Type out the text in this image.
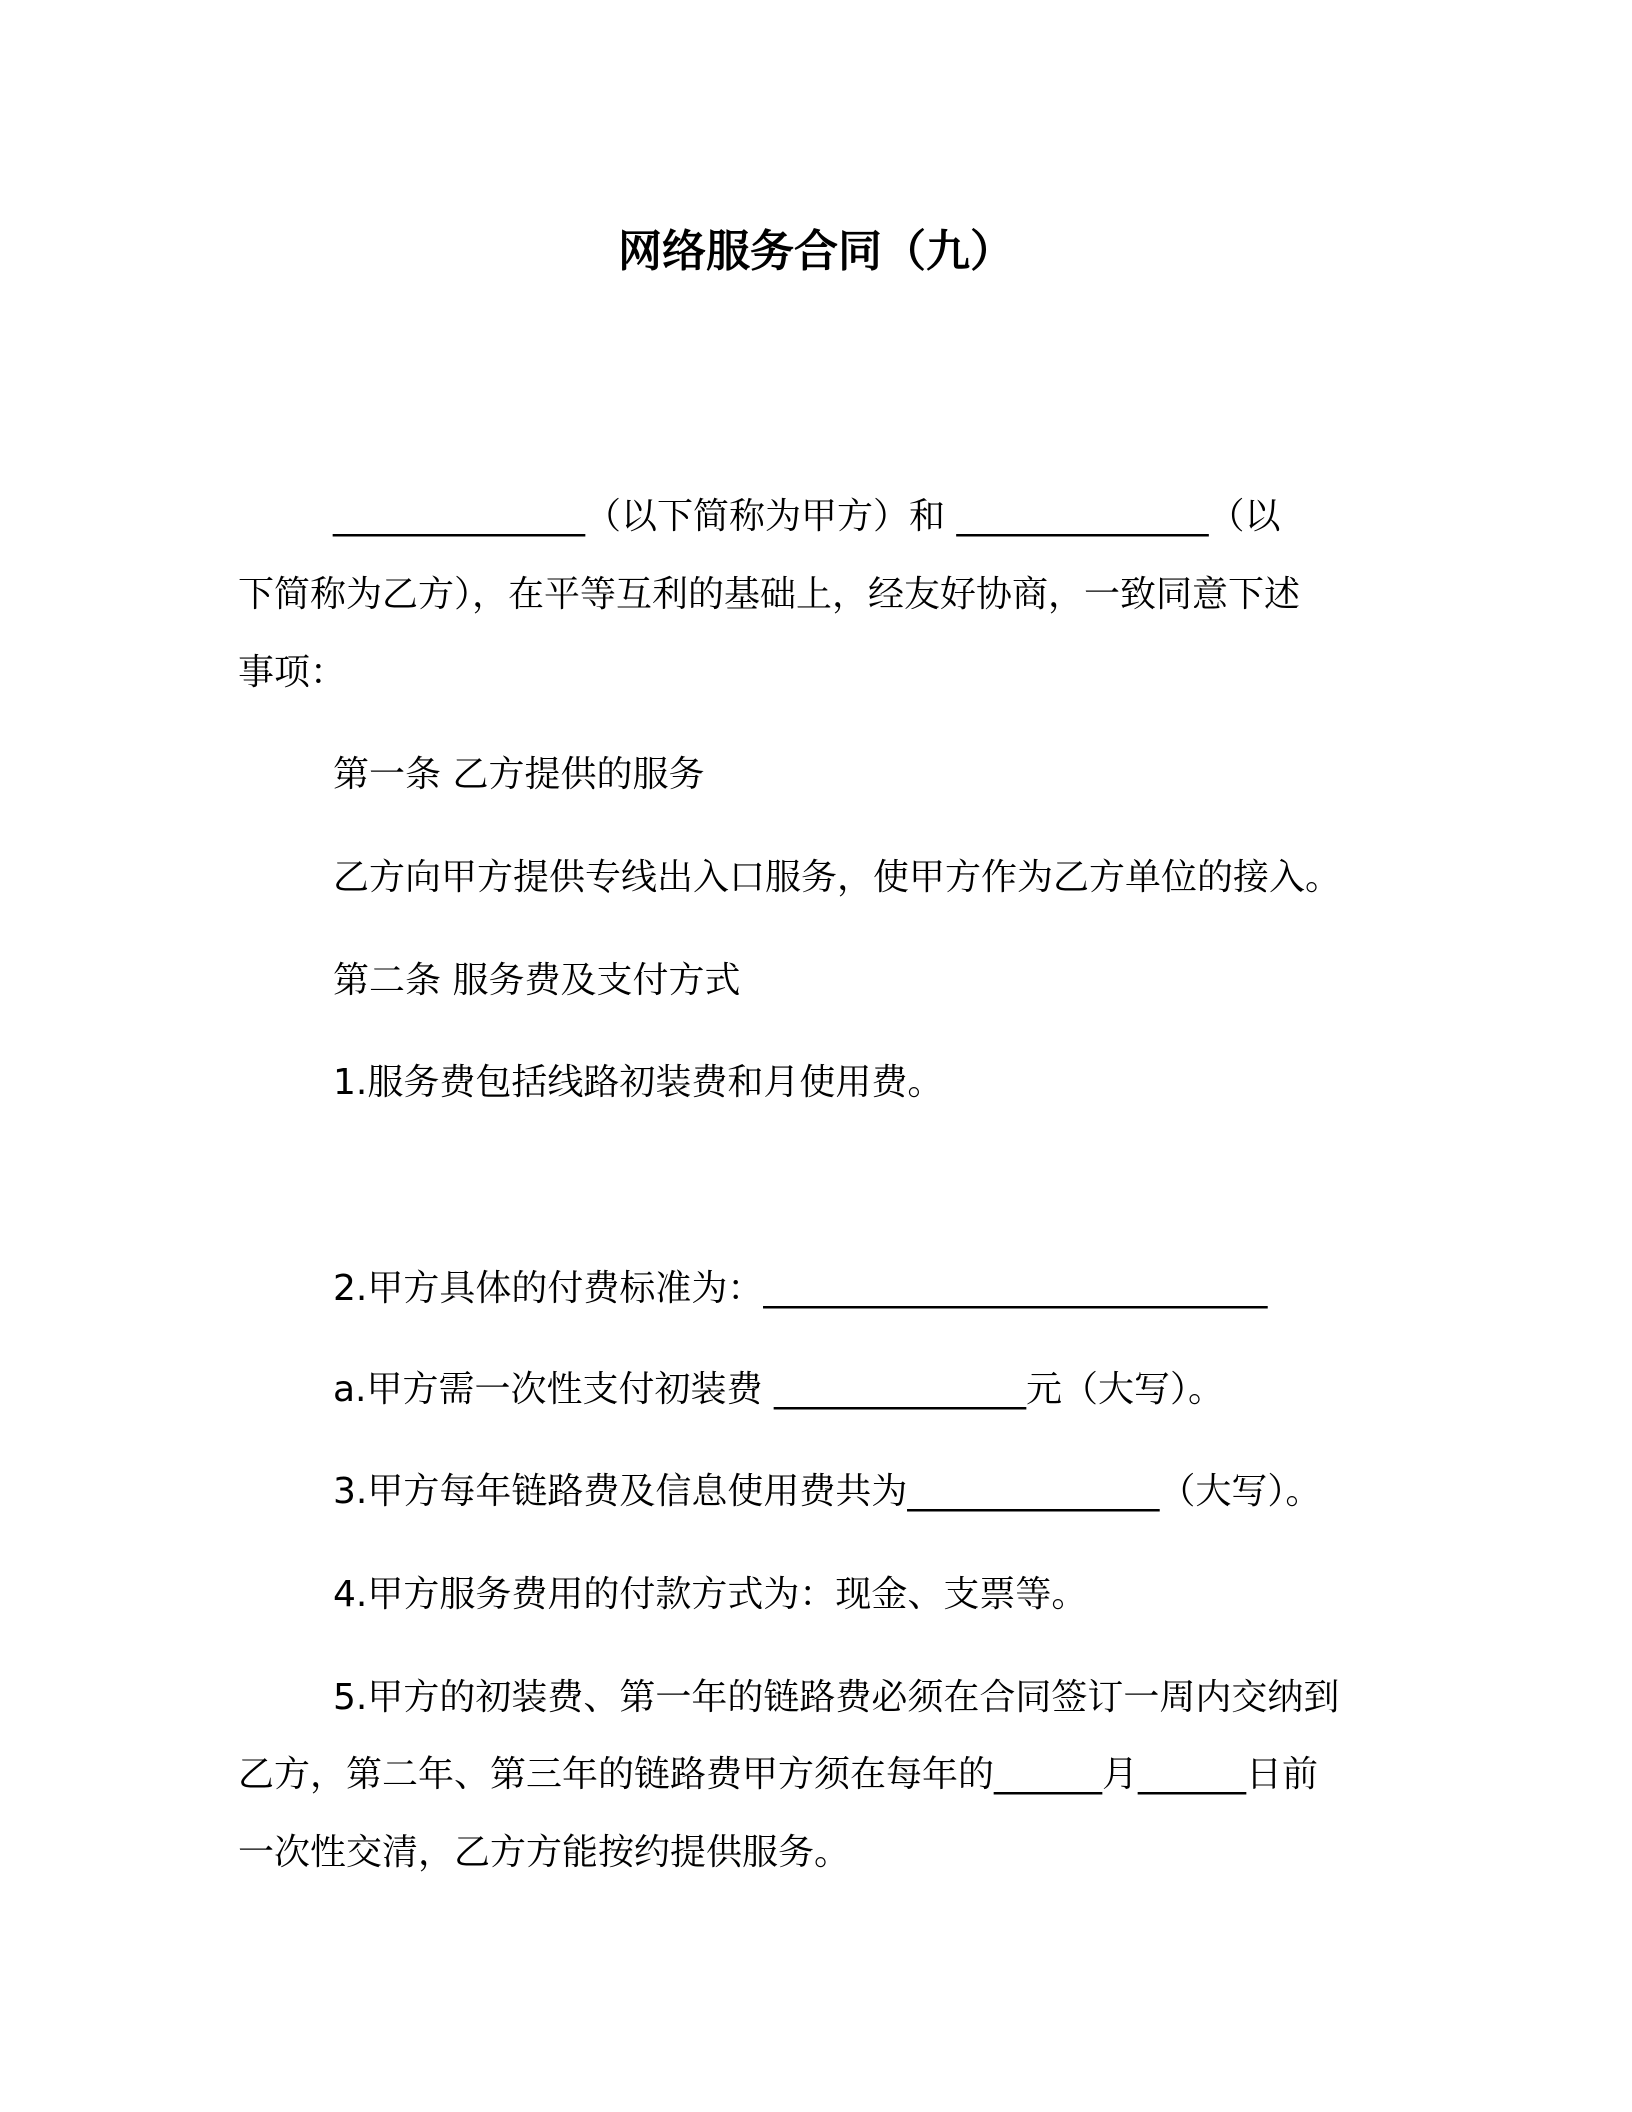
网络服务合同（九）
______________（以下简称为甲方）和 ______________（以
下简称为乙方），在平等互利的基础上，经友好协商，一致同意下述
事项：
第一条 乙方提供的服务
乙方向甲方提供专线出入口服务，使甲方作为乙方单位的接入。
第二条 服务费及支付方式
1.服务费包括线路初装费和月使用费。
2.甲方具体的付费标准为：____________________________
a.甲方需一次性支付初装费 ______________元（大写）。
3.甲方每年链路费及信息使用费共为______________（大写）。
4.甲方服务费用的付款方式为：现金、支票等。
5.甲方的初装费、第一年的链路费必须在合同签订一周内交纳到
乙方，第二年、第三年的链路费甲方须在每年的______月______日前
一次性交清，乙方方能按约提供服务。
